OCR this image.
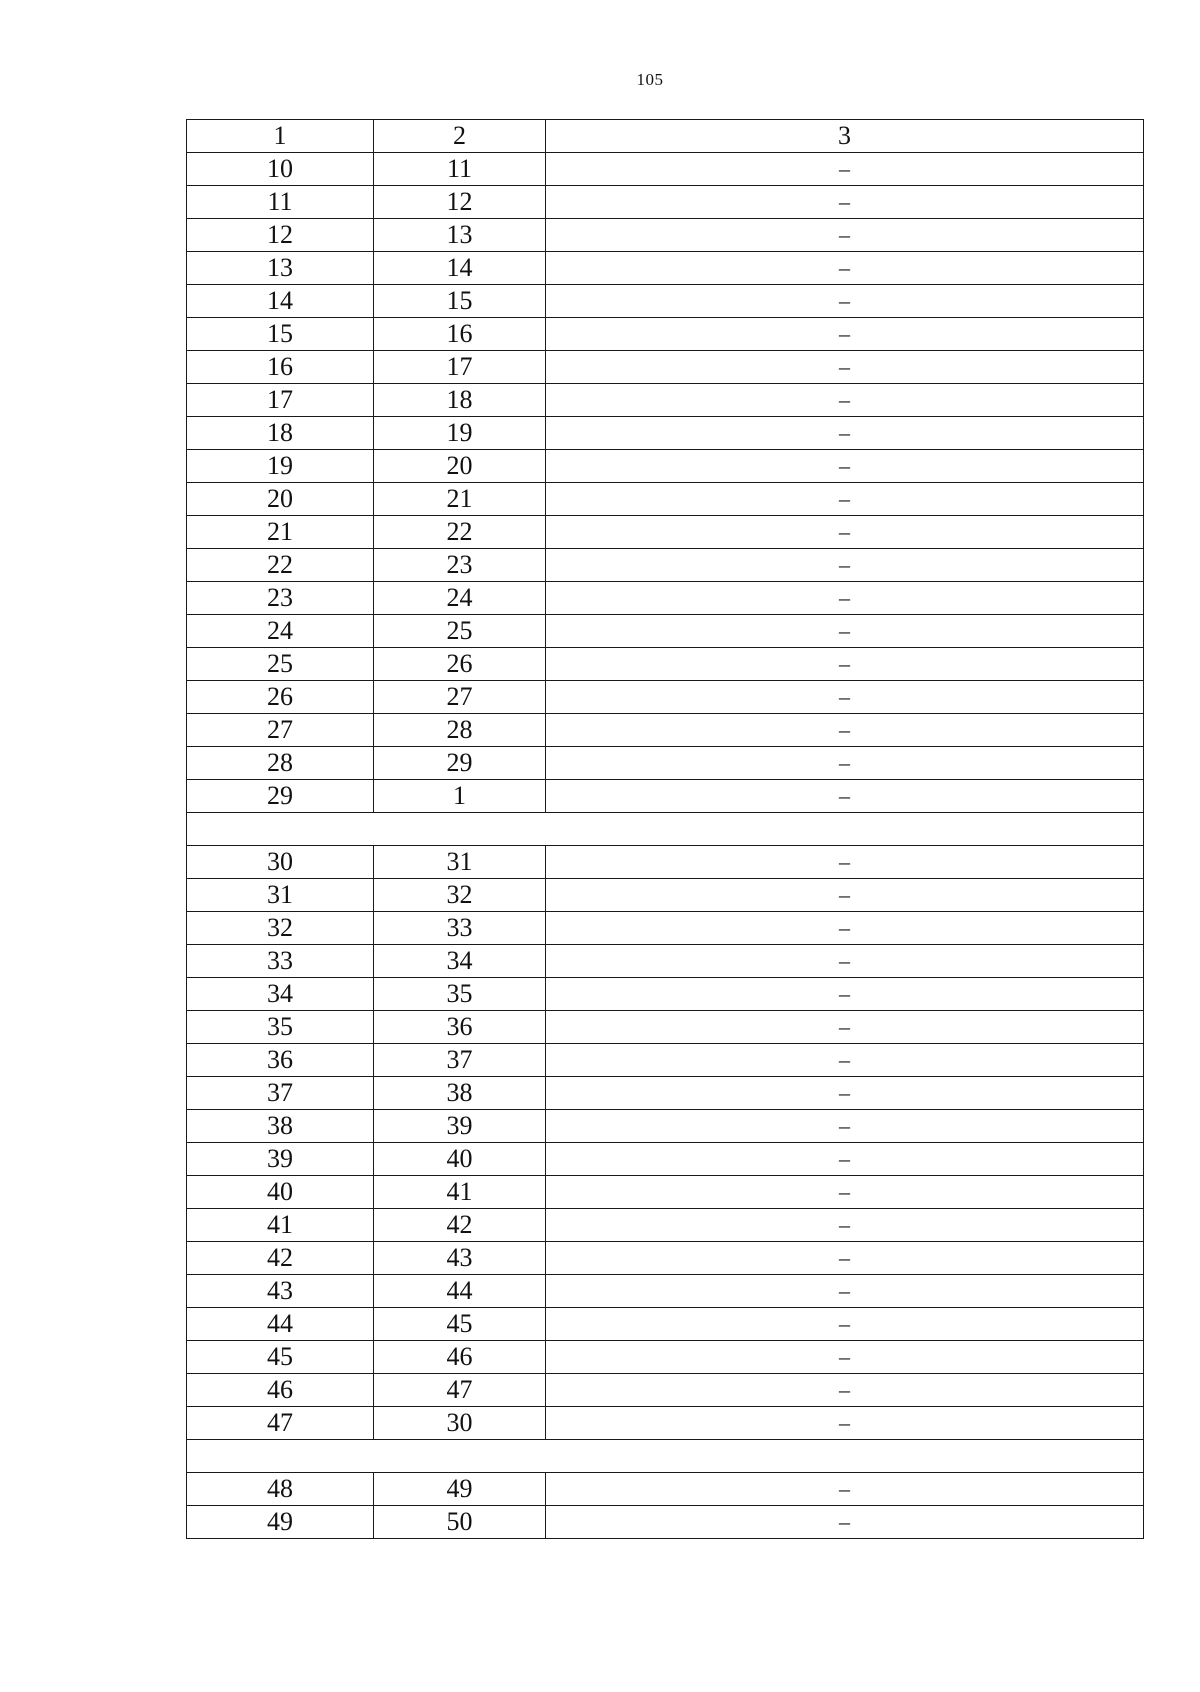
105
1	2	3
10	11	–
11	12	–
12	13	–
13	14	–
14	15	–
15	16	–
16	17	–
17	18	–
18	19	–
19	20	–
20	21	–
21	22	–
22	23	–
23	24	–
24	25	–
25	26	–
26	27	–
27	28	–
28	29	–
29	1	–

30	31	–
31	32	–
32	33	–
33	34	–
34	35	–
35	36	–
36	37	–
37	38	–
38	39	–
39	40	–
40	41	–
41	42	–
42	43	–
43	44	–
44	45	–
45	46	–
46	47	–
47	30	–

48	49	–
49	50	–
